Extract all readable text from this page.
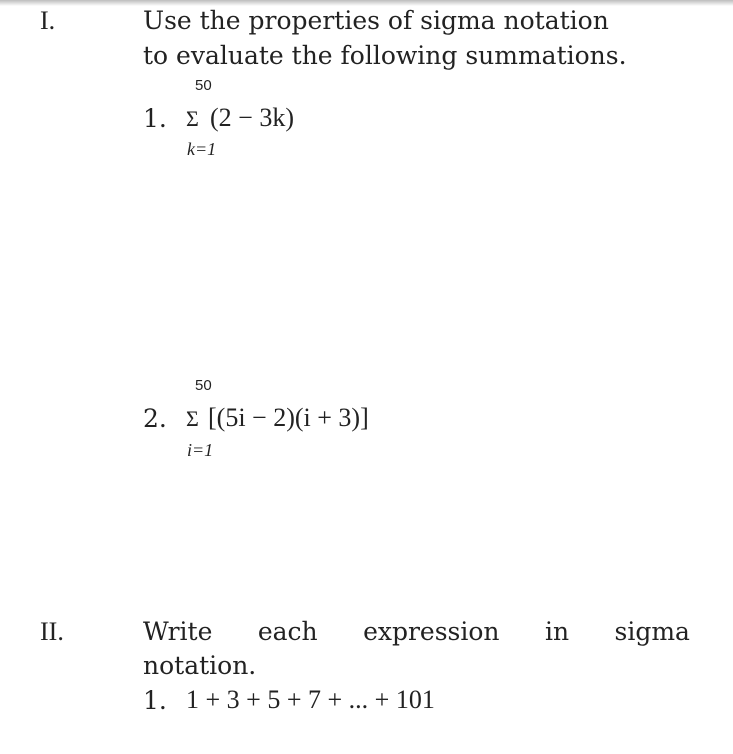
I.	Use the properties of sigma notation
to evaluate the following summations.
50
1. Σ (2 − 3k)
k=1
50
2. Σ [(5i − 2)(i + 3)]
i=1
II.	Write each expression in sigma
notation.
1. 1 + 3 + 5 + 7 + ... + 101
